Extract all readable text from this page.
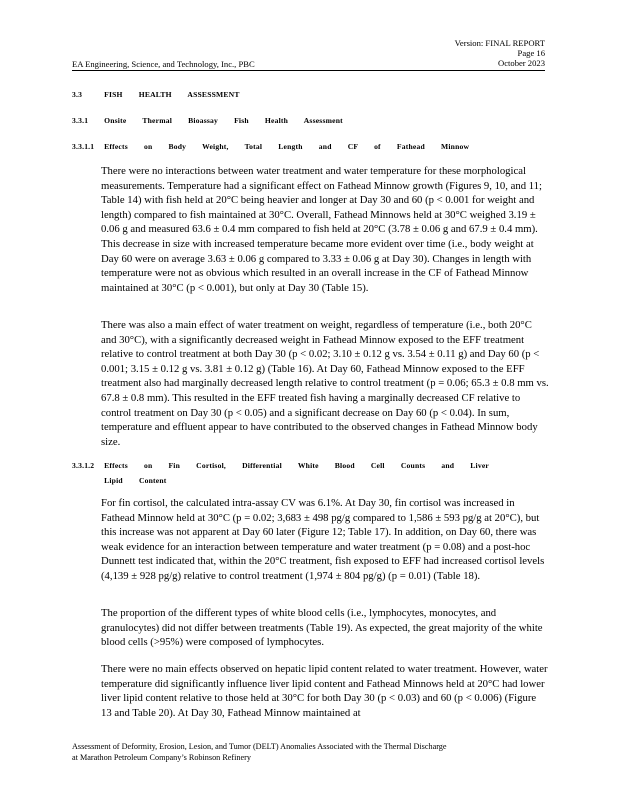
Version: FINAL REPORT
Page 16
October 2023
EA Engineering, Science, and Technology, Inc., PBC
3.3	FISH HEALTH ASSESSMENT
3.3.1 Onsite Thermal Bioassay Fish Health Assessment
3.3.1.1 Effects on Body Weight, Total Length and CF of Fathead Minnow
There were no interactions between water treatment and water temperature for these morphological measurements. Temperature had a significant effect on Fathead Minnow growth (Figures 9, 10, and 11; Table 14) with fish held at 20°C being heavier and longer at Day 30 and 60 (p < 0.001 for weight and length) compared to fish maintained at 30°C. Overall, Fathead Minnows held at 30°C weighed 3.19 ± 0.06 g and measured 63.6 ± 0.4 mm compared to fish held at 20°C (3.78 ± 0.06 g and 67.9 ± 0.4 mm). This decrease in size with increased temperature became more evident over time (i.e., body weight at Day 60 were on average 3.63 ± 0.06 g compared to 3.33 ± 0.06 g at Day 30). Changes in length with temperature were not as obvious which resulted in an overall increase in the CF of Fathead Minnow maintained at 30°C (p < 0.001), but only at Day 30 (Table 15).
There was also a main effect of water treatment on weight, regardless of temperature (i.e., both 20°C and 30°C), with a significantly decreased weight in Fathead Minnow exposed to the EFF treatment relative to control treatment at both Day 30 (p < 0.02; 3.10 ± 0.12 g vs. 3.54 ± 0.11 g) and Day 60 (p < 0.001; 3.15 ± 0.12 g vs. 3.81 ± 0.12 g) (Table 16). At Day 60, Fathead Minnow exposed to the EFF treatment also had marginally decreased length relative to control treatment (p = 0.06; 65.3 ± 0.8 mm vs. 67.8 ± 0.8 mm). This resulted in the EFF treated fish having a marginally decreased CF relative to control treatment on Day 30 (p < 0.05) and a significant decrease on Day 60 (p < 0.04). In sum, temperature and effluent appear to have contributed to the observed changes in Fathead Minnow body size.
3.3.1.2 Effects on Fin Cortisol, Differential White Blood Cell Counts and Liver Lipid Content
For fin cortisol, the calculated intra-assay CV was 6.1%. At Day 30, fin cortisol was increased in Fathead Minnow held at 30°C (p = 0.02; 3,683 ± 498 pg/g compared to 1,586 ± 593 pg/g at 20°C), but this increase was not apparent at Day 60 later (Figure 12; Table 17). In addition, on Day 60, there was weak evidence for an interaction between temperature and water treatment (p = 0.08) and a post-hoc Dunnett test indicated that, within the 20°C treatment, fish exposed to EFF had increased cortisol levels (4,139 ± 928 pg/g) relative to control treatment (1,974 ± 804 pg/g) (p = 0.01) (Table 18).
The proportion of the different types of white blood cells (i.e., lymphocytes, monocytes, and granulocytes) did not differ between treatments (Table 19). As expected, the great majority of the white blood cells (>95%) were composed of lymphocytes.
There were no main effects observed on hepatic lipid content related to water treatment. However, water temperature did significantly influence liver lipid content and Fathead Minnows held at 20°C had lower liver lipid content relative to those held at 30°C for both Day 30 (p < 0.03) and 60 (p < 0.006) (Figure 13 and Table 20). At Day 30, Fathead Minnow maintained at
Assessment of Deformity, Erosion, Lesion, and Tumor (DELT) Anomalies Associated with the Thermal Discharge
at Marathon Petroleum Company’s Robinson Refinery
